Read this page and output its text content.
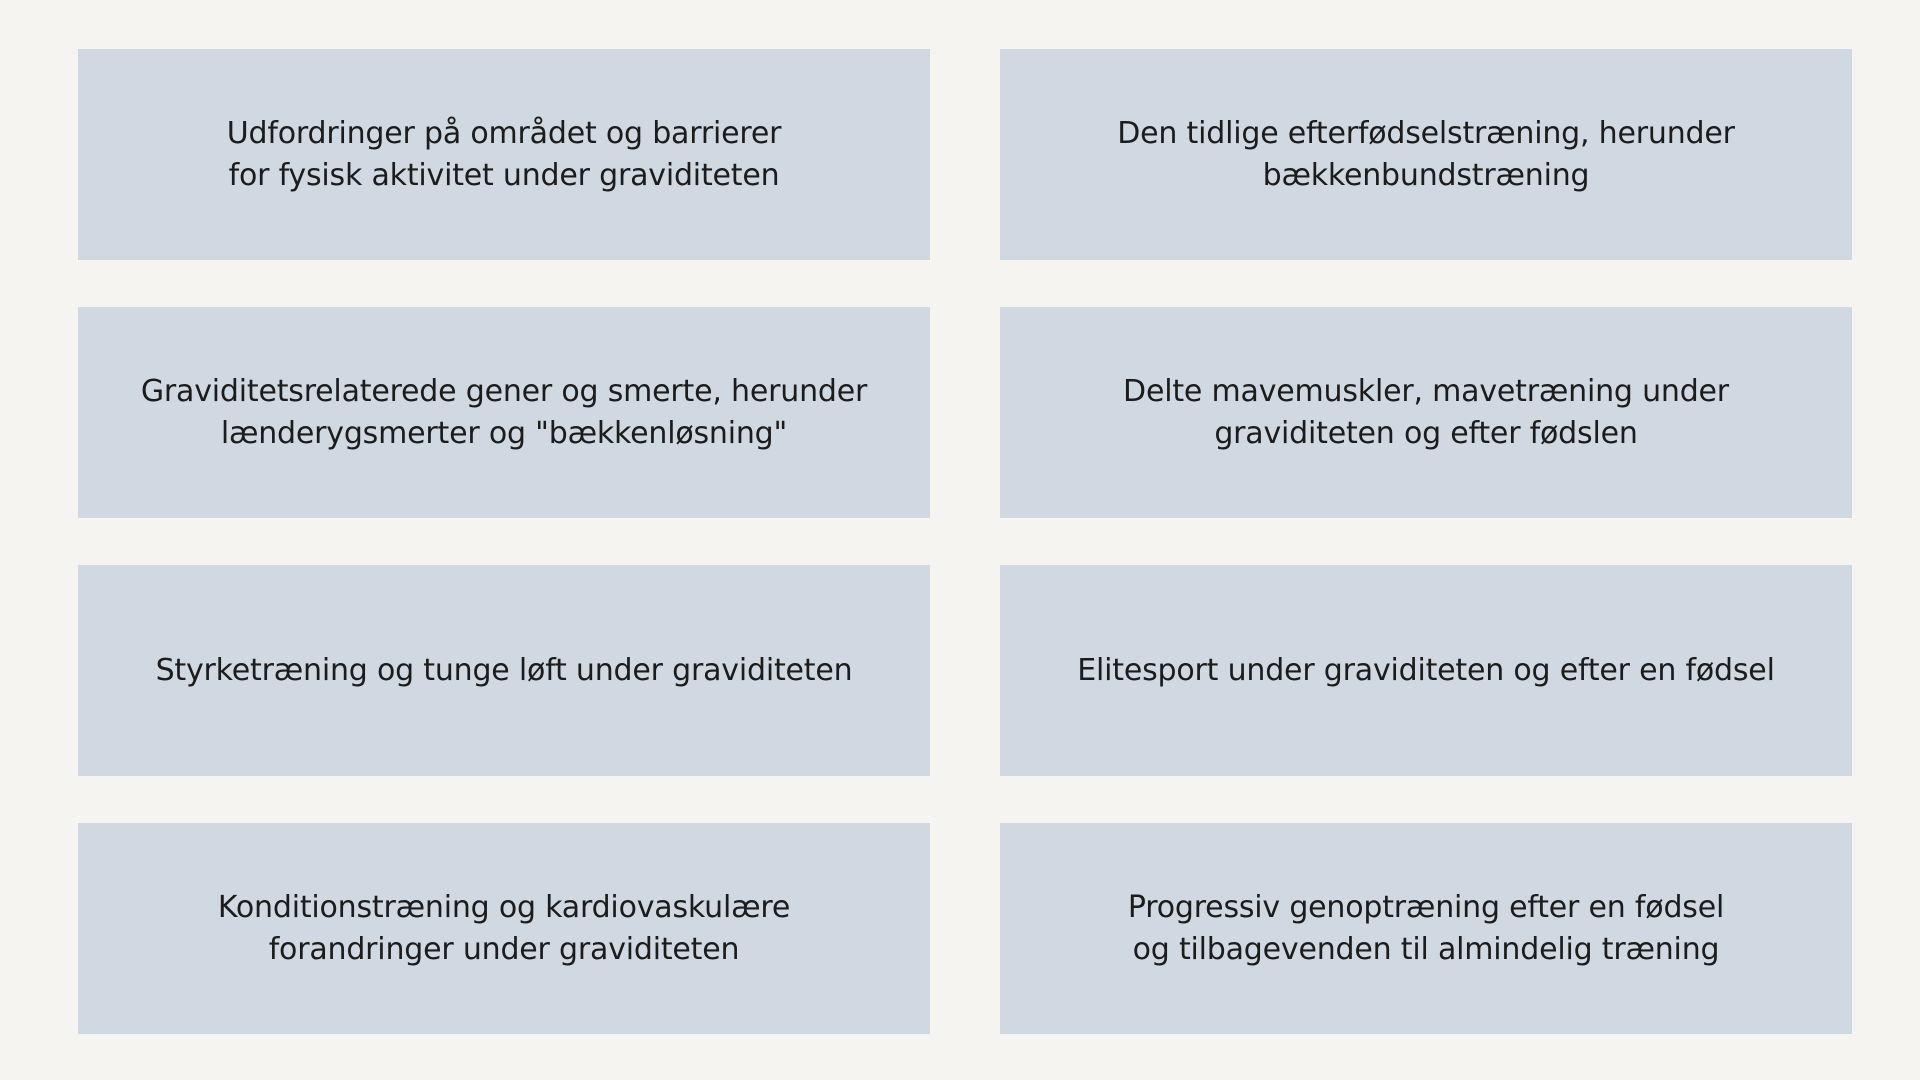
Udfordringer på området og barrierer
for fysisk aktivitet under graviditeten
Den tidlige efterfødselstræning, herunder
bækkenbundstræning
Graviditetsrelaterede gener og smerte, herunder
lænderygsmerter og "bækkenløsning"
Delte mavemuskler, mavetræning under
graviditeten og efter fødslen
Styrketræning og tunge løft under graviditeten	Elitesport under graviditeten og efter en fødsel
Konditionstræning og kardiovaskulære
forandringer under graviditeten
Progressiv genoptræning efter en fødsel
og tilbagevenden til almindelig træning
